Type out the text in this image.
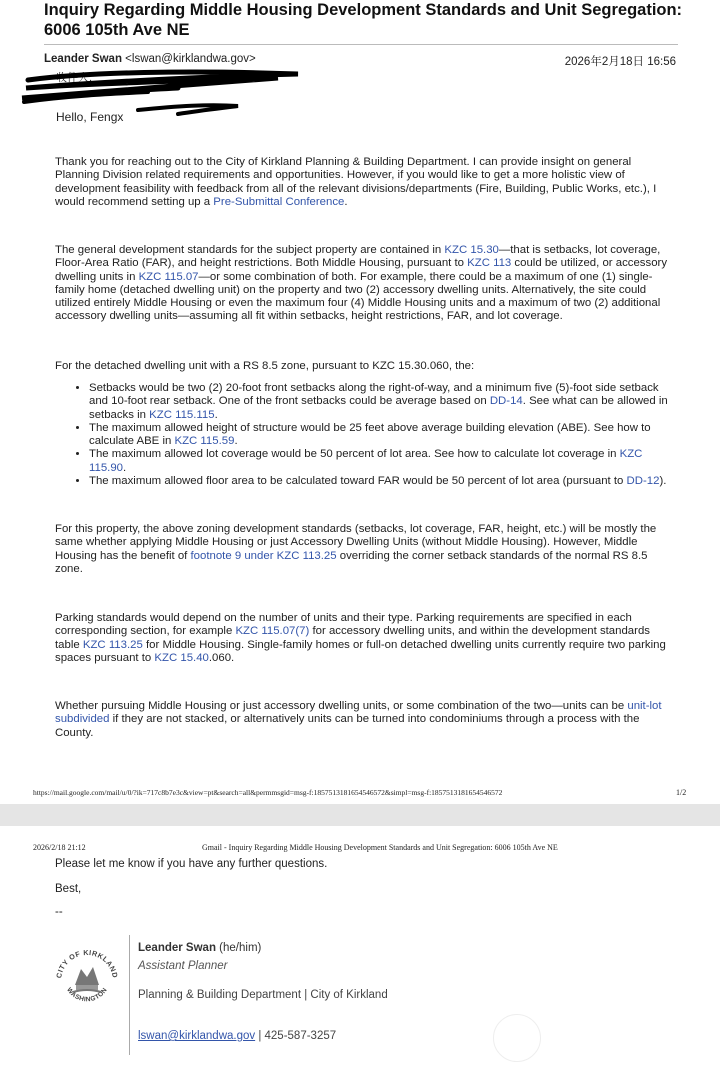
Inquiry Regarding Middle Housing Development Standards and Unit Segregation: 6006 105th Ave NE
Leander Swan <lswan@kirklandwa.gov>	2026年2月18日 16:56
收件人:
Hello, Fengx
Thank you for reaching out to the City of Kirkland Planning & Building Department. I can provide insight on general Planning Division related requirements and opportunities. However, if you would like to get a more holistic view of development feasibility with feedback from all of the relevant divisions/departments (Fire, Building, Public Works, etc.), I would recommend setting up a Pre-Submittal Conference.
The general development standards for the subject property are contained in KZC 15.30—that is setbacks, lot coverage, Floor-Area Ratio (FAR), and height restrictions. Both Middle Housing, pursuant to KZC 113 could be utilized, or accessory dwelling units in KZC 115.07—or some combination of both. For example, there could be a maximum of one (1) single-family home (detached dwelling unit) on the property and two (2) accessory dwelling units. Alternatively, the site could utilized entirely Middle Housing or even the maximum four (4) Middle Housing units and a maximum of two (2) additional accessory dwelling units—assuming all fit within setbacks, height restrictions, FAR, and lot coverage.
For the detached dwelling unit with a RS 8.5 zone, pursuant to KZC 15.30.060, the:
• Setbacks would be two (2) 20-foot front setbacks along the right-of-way, and a minimum five (5)-foot side setback and 10-foot rear setback. One of the front setbacks could be average based on DD-14. See what can be allowed in setbacks in KZC 115.115.
• The maximum allowed height of structure would be 25 feet above average building elevation (ABE). See how to calculate ABE in KZC 115.59.
• The maximum allowed lot coverage would be 50 percent of lot area. See how to calculate lot coverage in KZC 115.90.
• The maximum allowed floor area to be calculated toward FAR would be 50 percent of lot area (pursuant to DD-12).
For this property, the above zoning development standards (setbacks, lot coverage, FAR, height, etc.) will be mostly the same whether applying Middle Housing or just Accessory Dwelling Units (without Middle Housing). However, Middle Housing has the benefit of footnote 9 under KZC 113.25 overriding the corner setback standards of the normal RS 8.5 zone.
Parking standards would depend on the number of units and their type. Parking requirements are specified in each corresponding section, for example KZC 115.07(7) for accessory dwelling units, and within the development standards table KZC 113.25 for Middle Housing. Single-family homes or full-on detached dwelling units currently require two parking spaces pursuant to KZC 15.40.060.
Whether pursuing Middle Housing or just accessory dwelling units, or some combination of the two—units can be unit-lot subdivided if they are not stacked, or alternatively units can be turned into condominiums through a process with the County.
https://mail.google.com/mail/u/0/?ik=717c8b7e3c&view=pt&search=all&permmsgid=msg-f:1857513181654546572&simpl=msg-f:1857513181654546572	1/2
2026/2/18 21:12	Gmail - Inquiry Regarding Middle Housing Development Standards and Unit Segregation: 6006 105th Ave NE
Please let me know if you have any further questions.
Best,
--
CITY OF KIRKLAND
WASHINGTON
Leander Swan (he/him)
Assistant Planner
Planning & Building Department | City of Kirkland
lswan@kirklandwa.gov | 425-587-3257
